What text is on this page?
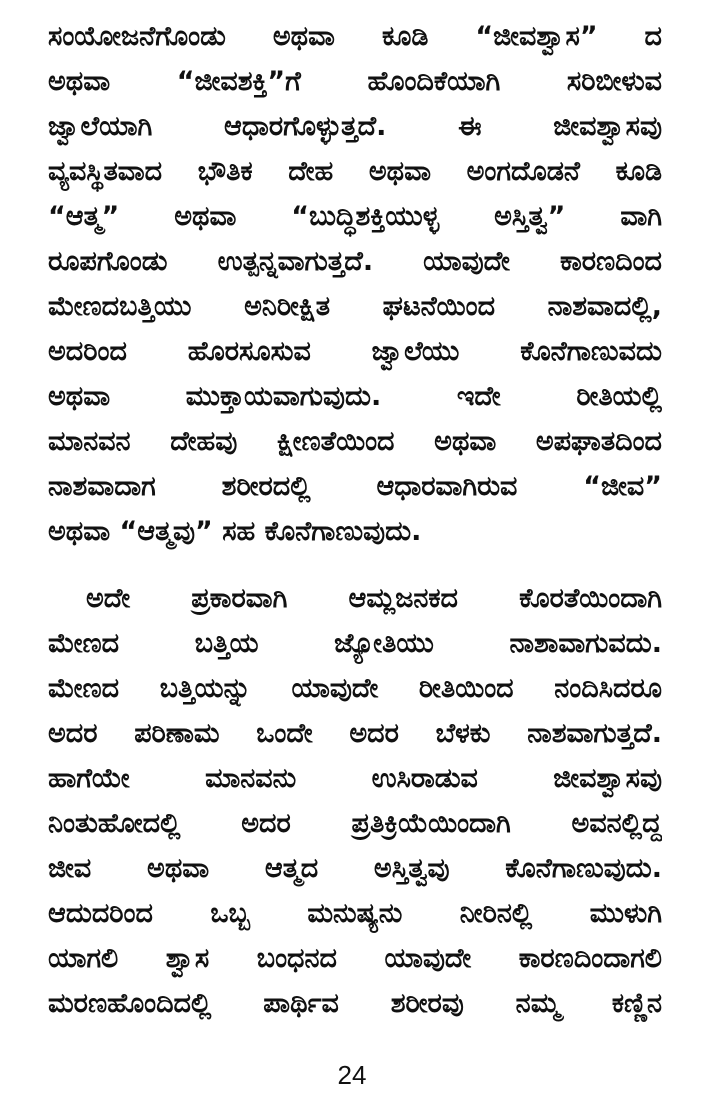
ಸಂಯೋಜನೆಗೊಂಡು ಅಥವಾ ಕೂಡಿ “ಜೀವಶ್ವಾಸ” ದ
ಅಥವಾ “ಜೀವಶಕ್ತಿ”ಗೆ ಹೊಂದಿಕೆಯಾಗಿ ಸರಿಬೀಳುವ
ಜ್ವಾಲೆಯಾಗಿ ಆಧಾರಗೊಳ್ಳುತ್ತದೆ. ಈ ಜೀವಶ್ವಾಸವು
ವ್ಯವಸ್ಥಿತವಾದ ಭೌತಿಕ ದೇಹ ಅಥವಾ ಅಂಗದೊಡನೆ ಕೂಡಿ
“ಆತ್ಮ” ಅಥವಾ “ಬುದ್ಧಿಶಕ್ತಿಯುಳ್ಳ ಅಸ್ತಿತ್ವ” ವಾಗಿ
ರೂಪಗೊಂಡು ಉತ್ಪನ್ನವಾಗುತ್ತದೆ. ಯಾವುದೇ ಕಾರಣದಿಂದ
ಮೇಣದಬತ್ತಿಯು ಅನಿರೀಕ್ಷಿತ ಘಟನೆಯಿಂದ ನಾಶವಾದಲ್ಲಿ,
ಅದರಿಂದ ಹೊರಸೂಸುವ ಜ್ವಾಲೆಯು ಕೊನೆಗಾಣುವದು
ಅಥವಾ ಮುಕ್ತಾಯವಾಗುವುದು. ಇದೇ ರೀತಿಯಲ್ಲಿ
ಮಾನವನ ದೇಹವು ಕ್ಷೀಣತೆಯಿಂದ ಅಥವಾ ಅಪಘಾತದಿಂದ
ನಾಶವಾದಾಗ ಶರೀರದಲ್ಲಿ ಆಧಾರವಾಗಿರುವ “ಜೀವ”
ಅಥವಾ “ಆತ್ಮವು” ಸಹ ಕೊನೆಗಾಣುವುದು.
ಅದೇ ಪ್ರಕಾರವಾಗಿ ಆಮ್ಲಜನಕದ ಕೊರತೆಯಿಂದಾಗಿ
ಮೇಣದ ಬತ್ತಿಯ ಜ್ಯೋತಿಯು ನಾಶಾವಾಗುವದು.
ಮೇಣದ ಬತ್ತಿಯನ್ನು ಯಾವುದೇ ರೀತಿಯಿಂದ ನಂದಿಸಿದರೂ
ಅದರ ಪರಿಣಾಮ ಒಂದೇ ಅದರ ಬೆಳಕು ನಾಶವಾಗುತ್ತದೆ.
ಹಾಗೆಯೇ ಮಾನವನು ಉಸಿರಾಡುವ ಜೀವಶ್ವಾಸವು
ನಿಂತುಹೋದಲ್ಲಿ ಅದರ ಪ್ರತಿಕ್ರಿಯೆಯಿಂದಾಗಿ ಅವನಲ್ಲಿದ್ದ
ಜೀವ ಅಥವಾ ಆತ್ಮದ ಅಸ್ತಿತ್ವವು ಕೊನೆಗಾಣುವುದು.
ಆದುದರಿಂದ ಒಬ್ಬ ಮನುಷ್ಯನು ನೀರಿನಲ್ಲಿ ಮುಳುಗಿ
ಯಾಗಲಿ ಶ್ವಾಸ ಬಂಧನದ ಯಾವುದೇ ಕಾರಣದಿಂದಾಗಲಿ
ಮರಣಹೊಂದಿದಲ್ಲಿ ಪಾರ್ಥಿವ ಶರೀರವು ನಮ್ಮ ಕಣ್ಣಿನ
24
